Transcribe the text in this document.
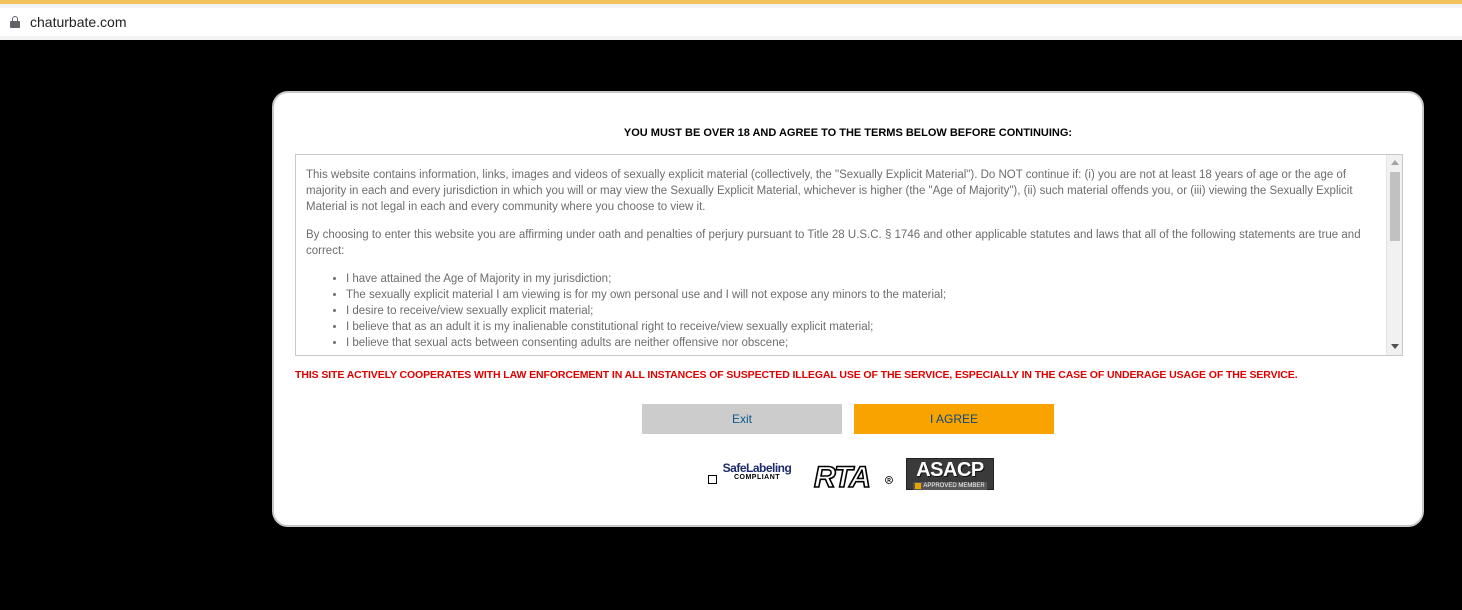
chaturbate.com
YOU MUST BE OVER 18 AND AGREE TO THE TERMS BELOW BEFORE CONTINUING:

This website contains information, links, images and videos of sexually explicit material (collectively, the "Sexually Explicit Material"). Do NOT continue if: (i) you are not at least 18 years of age or the age of majority in each and every jurisdiction in which you will or may view the Sexually Explicit Material, whichever is higher (the "Age of Majority"), (ii) such material offends you, or (iii) viewing the Sexually Explicit Material is not legal in each and every community where you choose to view it.

By choosing to enter this website you are affirming under oath and penalties of perjury pursuant to Title 28 U.S.C. § 1746 and other applicable statutes and laws that all of the following statements are true and correct:

• I have attained the Age of Majority in my jurisdiction;
• The sexually explicit material I am viewing is for my own personal use and I will not expose any minors to the material;
• I desire to receive/view sexually explicit material;
• I believe that as an adult it is my inalienable constitutional right to receive/view sexually explicit material;
• I believe that sexual acts between consenting adults are neither offensive nor obscene;
THIS SITE ACTIVELY COOPERATES WITH LAW ENFORCEMENT IN ALL INSTANCES OF SUSPECTED ILLEGAL USE OF THE SERVICE, ESPECIALLY IN THE CASE OF UNDERAGE USAGE OF THE SERVICE.
Exit	I AGREE
SafeLabeling
COMPLIANT	RTA	R	ASACP
APPROVED MEMBER
